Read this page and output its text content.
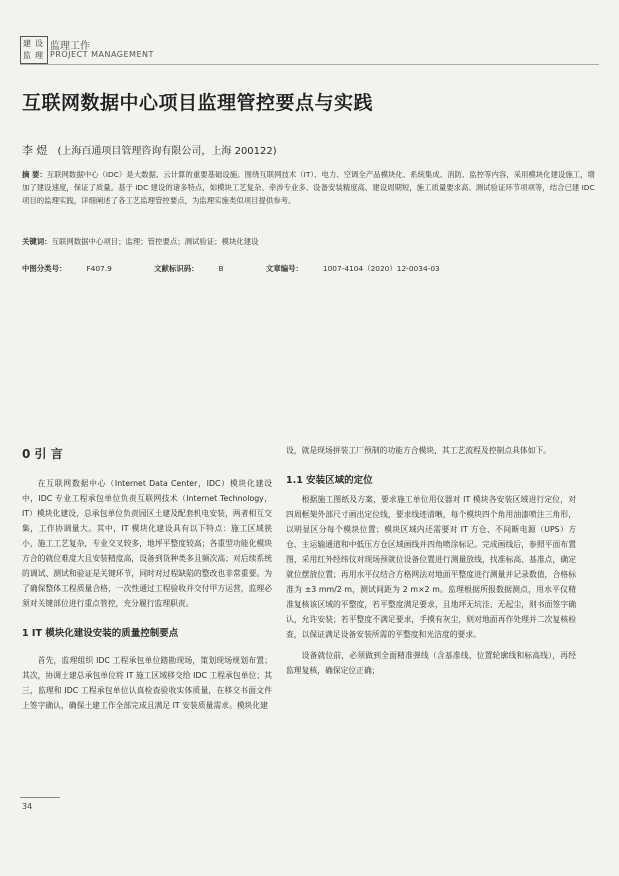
建 设
监 理
监理工作
PROJECT MANAGEMENT
互联网数据中心项目监理管控要点与实践
李 煜 (上海百通项目管理咨询有限公司，上海 200122)
摘 要：互联网数据中心（IDC）是大数据、云计算的重要基础设施。围绕互联网技术（IT）、电力、空调全产品模块化、系统集成、消防、监控等内容，采用模块化建设施工，增加了建设速度，保证了质量。基于 IDC 建设的诸多特点，如模块工艺复杂、牵涉专业多、设备安装精度高、建设周期短，施工质量要求高、测试验证环节项项等，结合已建 IDC 项目的监理实践，详细阐述了各工艺监理管控要点，为监理实施类似项目提供参考。
关键词：互联网数据中心项目；监理；管控要点；测试验证；模块化建设
中图分类号：	F407.9	文献标识码：	B	文章编号：	1007-4104（2020）12-0034-03

0 引 言

在互联网数据中心（Internet Data Center，IDC）模块化建设中，IDC 专业工程承包单位负责互联网技术（Internet Technology，IT）模块化建设，总承包单位负责园区土建及配套机电安装，两者相互交集，工作协调量大。其中，IT 模块化建设具有以下特点：施工区域狭小，施工工艺复杂，专业交叉较多，地坪平整度较高；各重型功能化模块方合的就位难度大且安装精度高，设备到货种类多且频次高；对后续系统的调试、测试和验证是关键环节，同时对过程缺陷的整改也非常重要。为了确保整体工程质量合格，一次性通过工程验收并交付甲方运营，监理必须对关键部位进行重点管控，充分履行监理职责。

1 IT 模块化建设安装的质量控制要点

首先，监理组织 IDC 工程承包单位踏勘现场，策划现场规划布置；其次，协调土建总承包单位将 IT 施工区域移交给 IDC 工程承包单位；其三，监理和 IDC 工程承包单位认真检查验收实体质量，在移交书面文件上签字确认，确保土建工作全部完成且满足 IT 安装质量需求。模块化建

设，就是现场拼装工厂预制的功能方合模块，其工艺流程及控制点具体如下。

1.1 安装区域的定位

根据施工图纸及方案，要求施工单位用仪器对 IT 模块各安装区域进行定位，对四周框架外部尺寸画出定位线，要求线迹清晰，每个模块四个角用油漆喷注三角形，以明显区分每个模块位置；模块区域内还需要对 IT 方仓、不间断电源（UPS）方仓、主运输通道和中低压方仓区域画线并四角喷涂标记。完成画线后，参照平面布置图，采用红外经纬仪对现场预就位设备位置进行测量放线，找准标高、基准点，确定就位摆放位置；再用水平仪结合方格网法对地面平整度进行测量并记录数值，合格标准为 ±3 mm/2 m，测试间距为 2 m×2 m。监理根据所报数据测点，用水平仪精准复核该区域的平整度，若平整度满足要求，且地坪无坑洼、无起尘，则书面签字确认，允许安装；若平整度不满足要求，手摸有灰尘，则对地面再作处理并二次复核检查，以保证满足设备安装所需的平整度和光洁度的要求。

设备就位前，必须做到全面精准弹线（含基准线、位置轮廓线和标高线），再经监理复核，确保定位正确；

34
